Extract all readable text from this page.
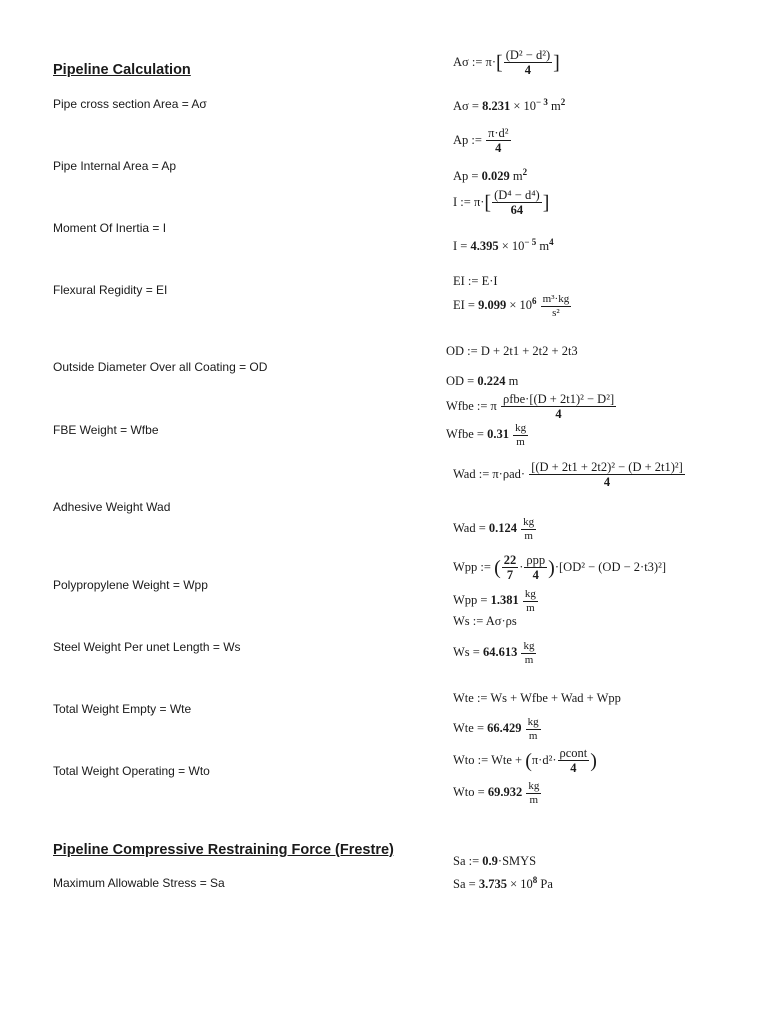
Pipeline Calculation
Pipe cross section Area = Aσ
Pipe Internal Area = Ap
Moment Of Inertia = I
Flexural Regidity = EI
Outside Diameter Over all Coating = OD
FBE Weight = Wfbe
Adhesive Weight Wad
Polypropylene Weight = Wpp
Steel Weight Per unet Length = Ws
Total Weight Empty = Wte
Total Weight Operating = Wto
Pipeline Compressive Restraining Force (Frestre)
Maximum Allowable Stress = Sa
Aσ := $\pi\cdot[ \frac{\text{(D² − d²)}}{4}$ ]
$A\sigma = 8.231 \times 10^{- 3}$ $m^2$
Ap := $\frac{\text{π·d²}}{4}$
Ap = 0.029 $m^2$
I := $\pi\cdot[ \frac{\text{(D⁴ − d⁴)}}{64}$ ]
$I = 4.395 \times 10^{- 5}$ $m^4$
EI := E·I
EI = $9.099 \times 10^6 \frac{\text{m³·kg}}{\text{s²}}$
OD := D + 2t1 + 2t2 + 2t3
OD = 0.224 m
Wfbe := π $\frac{\text{ρfbe·[(D + 2t1)² − D²]}}{4}$
Wfbe = $0.31 \frac{kg}{m}$
Wad := $\pi\cdot\rho ad\cdot \frac{\text{[(D + 2t1 + 2t2)² − (D + 2t1)²]}}{4}$
Wad = $0.124 \frac{kg}{m}$
Wpp := ( $\frac{22}{7} \cdot \frac{\text{ρpp}}{4} )\cdot[OD^2 - (OD - 2\cdot t3)^2]$
Wpp = $1.381 \frac{kg}{m}$
Ws := Aσ·ρs
$Ws = 64.613 \frac{kg}{m}$
Wte := Ws + Wfbe + Wad + Wpp
Wte = $66.429 \frac{kg}{m}$
Wto := Wte + ($\pi\cdot d^2\cdot \frac{\text{ρcont}}{4}$ )
Wto = $69.932 \frac{kg}{m}$
Sa := 0.9·SMYS
$Sa = 3.735 \times 10^8$ Pa
